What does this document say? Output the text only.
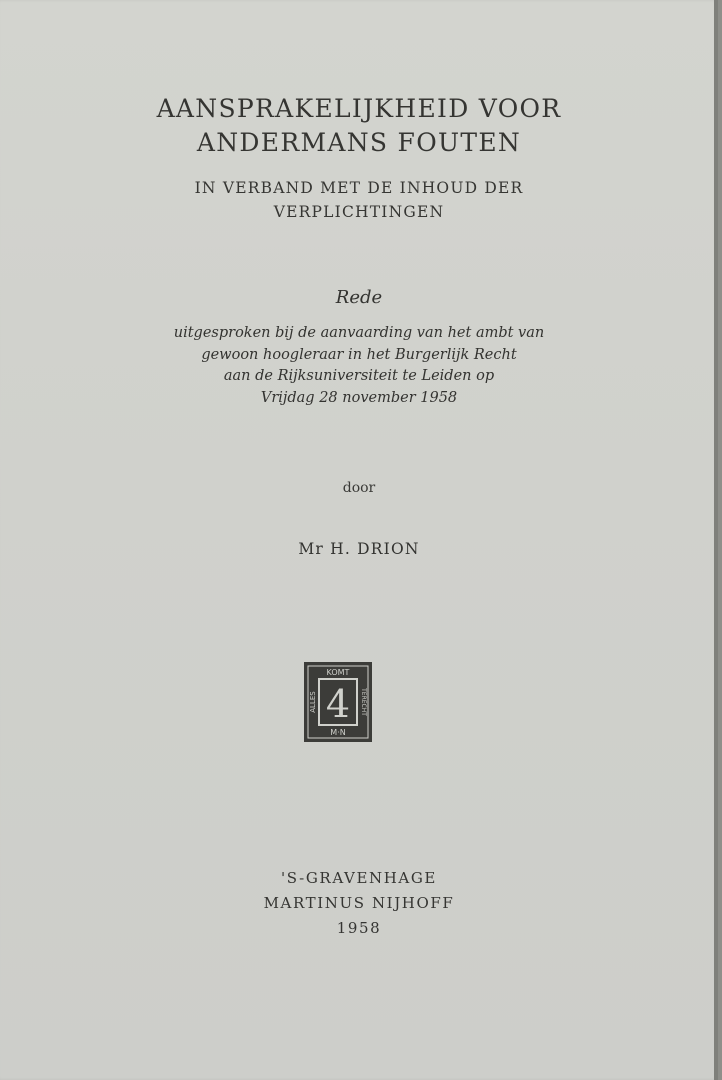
AANSPRAKELIJKHEID VOOR
ANDERMANS FOUTEN
IN VERBAND MET DE INHOUD DER
VERPLICHTINGEN
Rede
uitgesproken bij de aanvaarding van het ambt van
gewoon hoogleraar in het Burgerlijk Recht
aan de Rijksuniversiteit te Leiden op
Vrijdag 28 november 1958
door
Mr H. DRION
KOMT
M·N
ALLES	TERECHT
4
'S-GRAVENHAGE
MARTINUS NIJHOFF
1958
